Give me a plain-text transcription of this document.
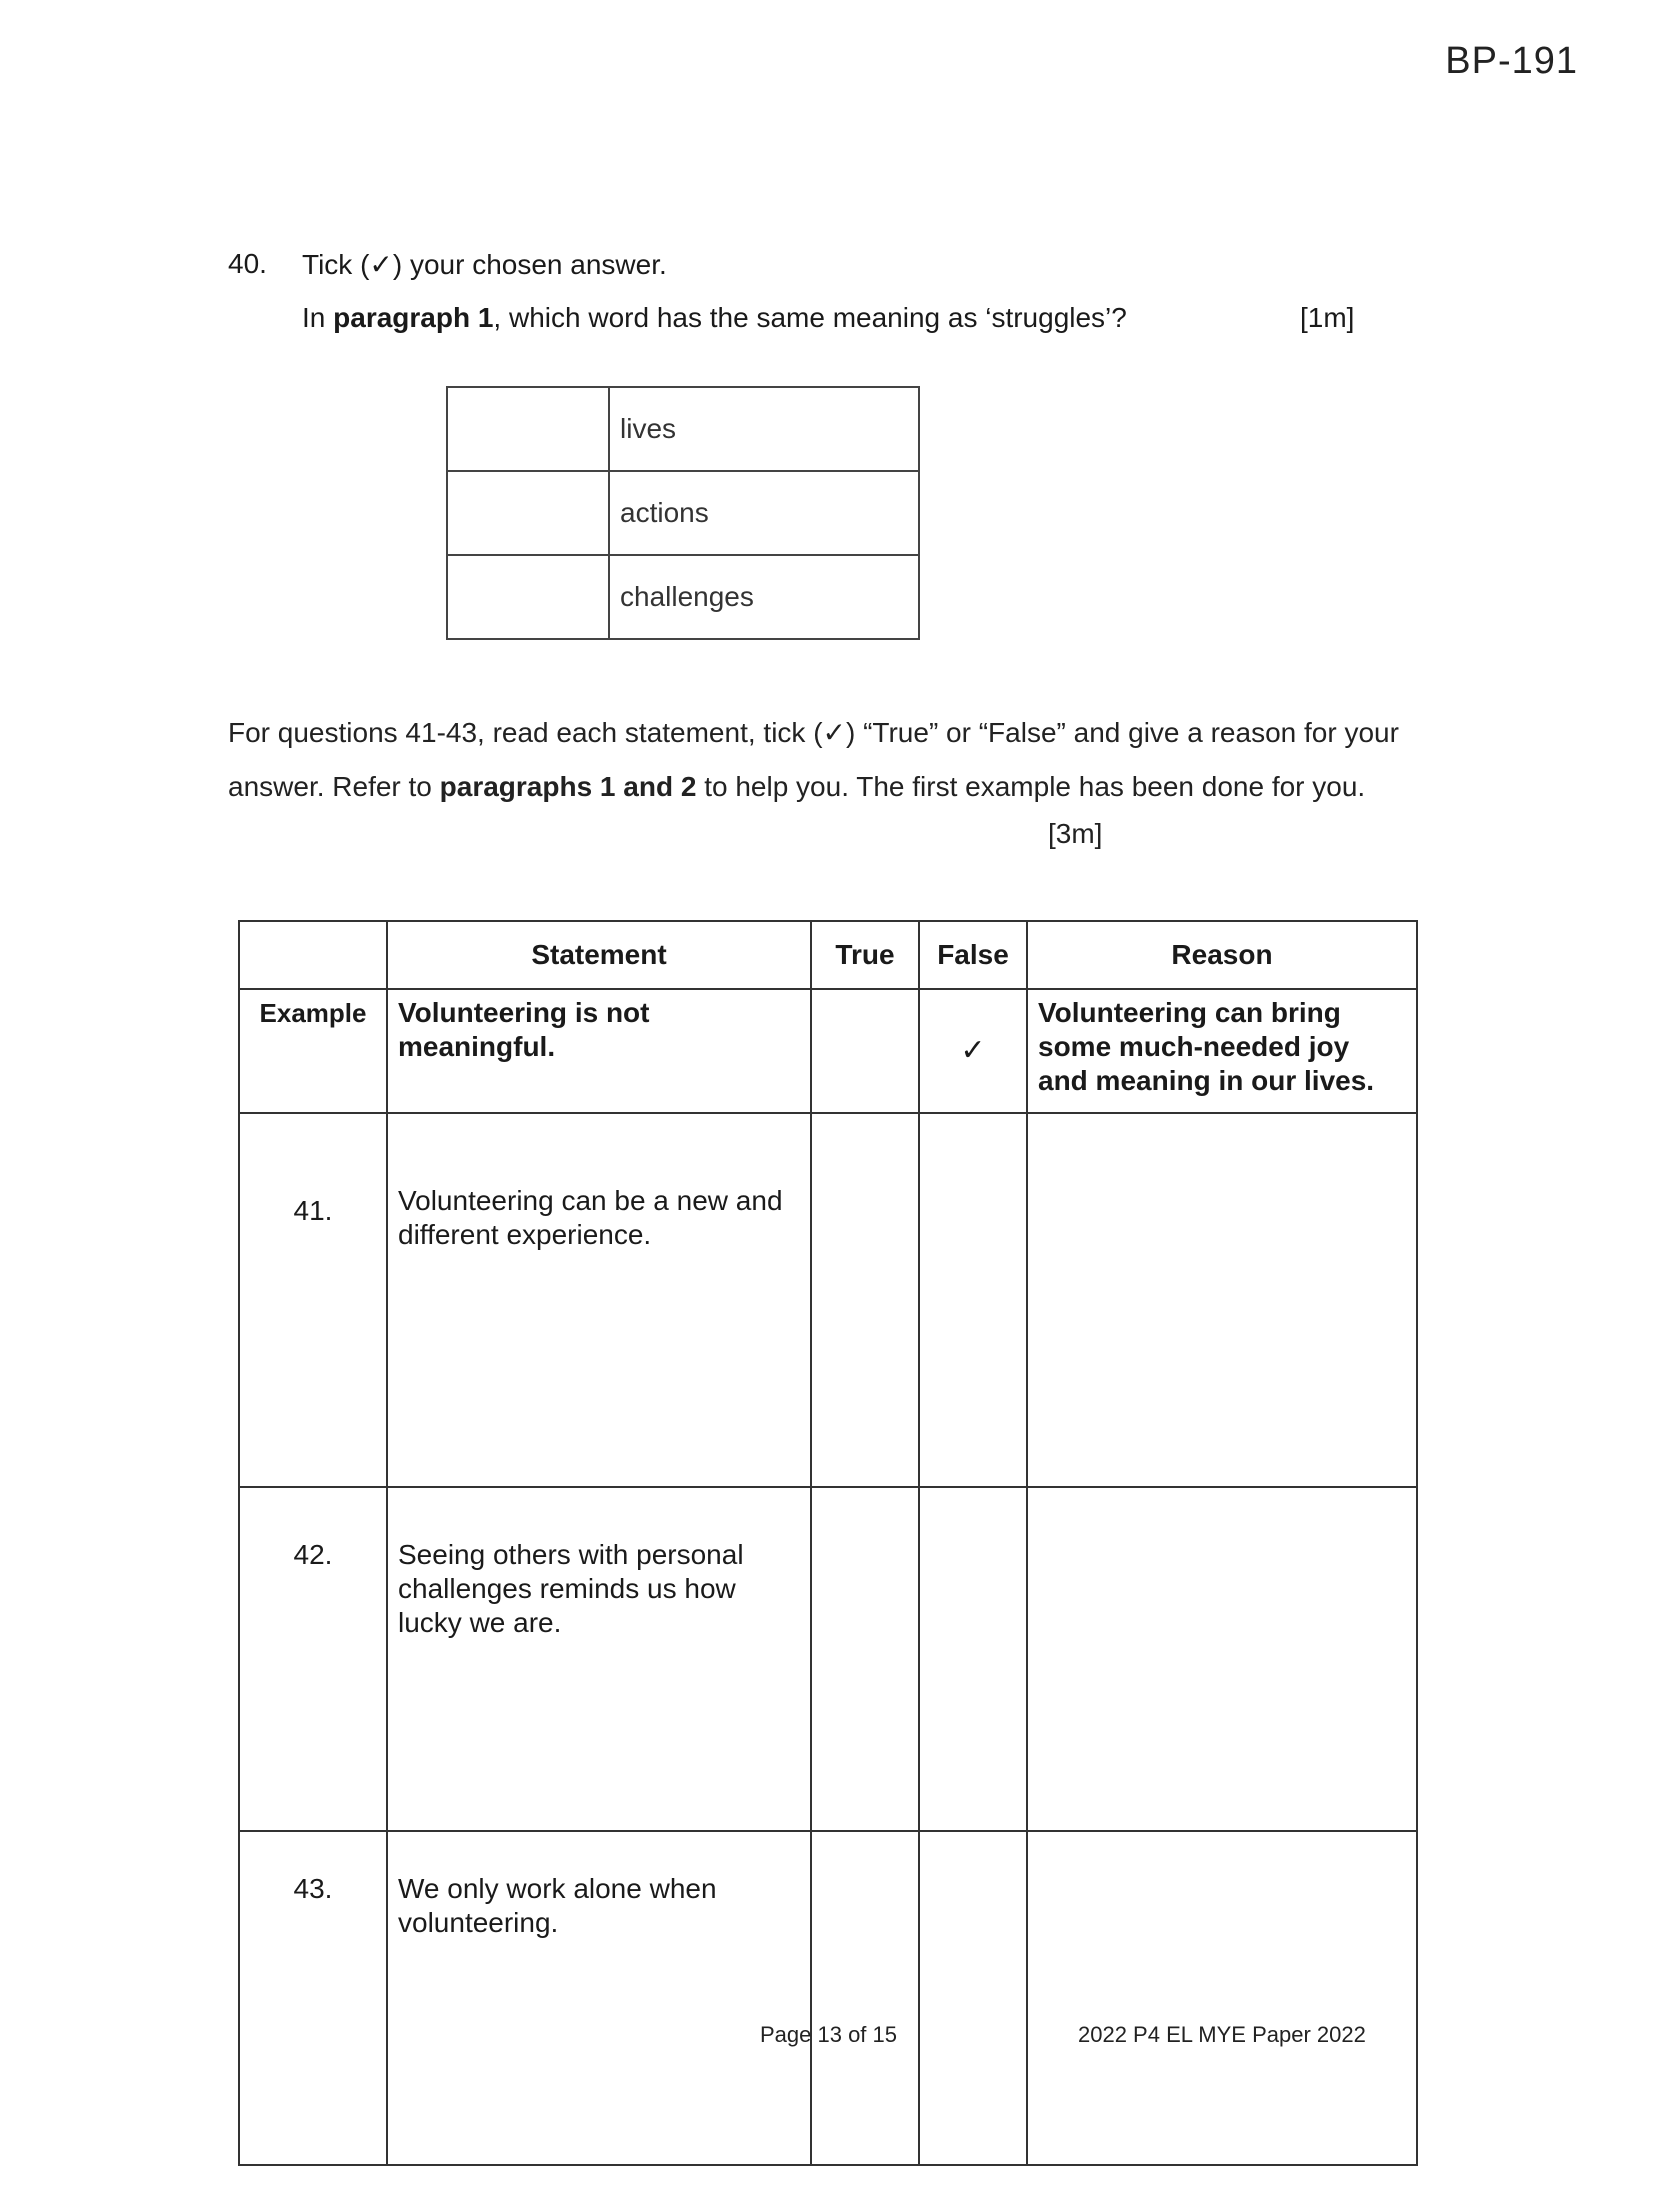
BP-191
40. Tick (✓) your chosen answer.
In paragraph 1, which word has the same meaning as ‘struggles’?	[1m]
	lives
	actions
	challenges
For questions 41-43, read each statement, tick (✓) “True” or “False” and give a reason for your answer. Refer to paragraphs 1 and 2 to help you. The first example has been done for you.
[3m]
	Statement	True	False	Reason
Example	Volunteering is not meaningful.		✓	Volunteering can bring some much-needed joy and meaning in our lives.
41.	Volunteering can be a new and different experience.			
42.	Seeing others with personal challenges reminds us how lucky we are.			
43.	We only work alone when volunteering.			
Page 13 of 15	2022 P4 EL MYE Paper 2022
